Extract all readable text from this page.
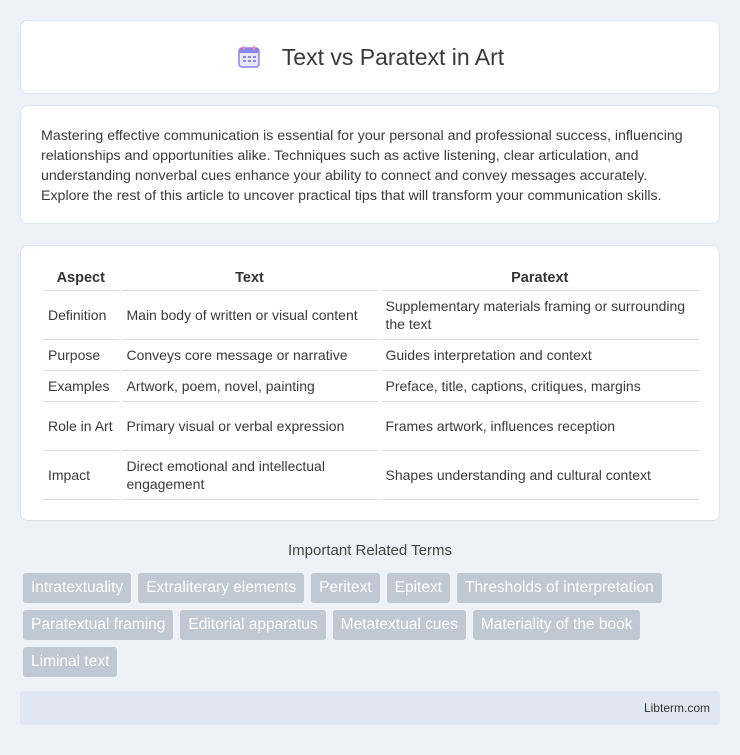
Text vs Paratext in Art

Mastering effective communication is essential for your personal and professional success, influencing relationships and opportunities alike. Techniques such as active listening, clear articulation, and understanding nonverbal cues enhance your ability to connect and convey messages accurately. Explore the rest of this article to uncover practical tips that will transform your communication skills.

Aspect	Text	Paratext
Definition	Main body of written or visual content	Supplementary materials framing or surrounding the text
Purpose	Conveys core message or narrative	Guides interpretation and context
Examples	Artwork, poem, novel, painting	Preface, title, captions, critiques, margins
Role in Art	Primary visual or verbal expression	Frames artwork, influences reception
Impact	Direct emotional and intellectual engagement	Shapes understanding and cultural context
Important Related Terms
Intratextuality	Extraliterary elements	Peritext	Epitext	Thresholds of interpretation
Paratextual framing	Editorial apparatus	Metatextual cues	Materiality of the book
Liminal text
Libterm.com
